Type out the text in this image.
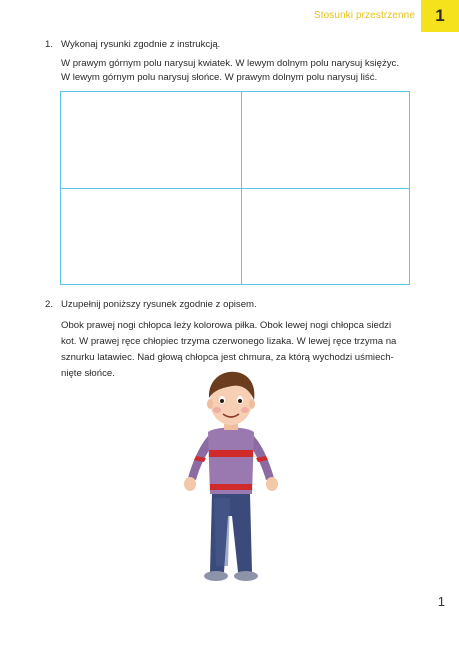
Stosunki przestrzenne	1
1. Wykonaj rysunki zgodnie z instrukcją.
W prawym górnym polu narysuj kwiatek. W lewym dolnym polu narysuj księżyc.
W lewym górnym polu narysuj słońce. W prawym dolnym polu narysuj liść.
2. Uzupełnij poniższy rysunek zgodnie z opisem.
Obok prawej nogi chłopca leży kolorowa piłka. Obok lewej nogi chłopca siedzi
kot. W prawej ręce chłopiec trzyma czerwonego lizaka. W lewej ręce trzyma na
sznurku latawiec. Nad głową chłopca jest chmura, za którą wychodzi uśmiech-
nięte słońce.
1
